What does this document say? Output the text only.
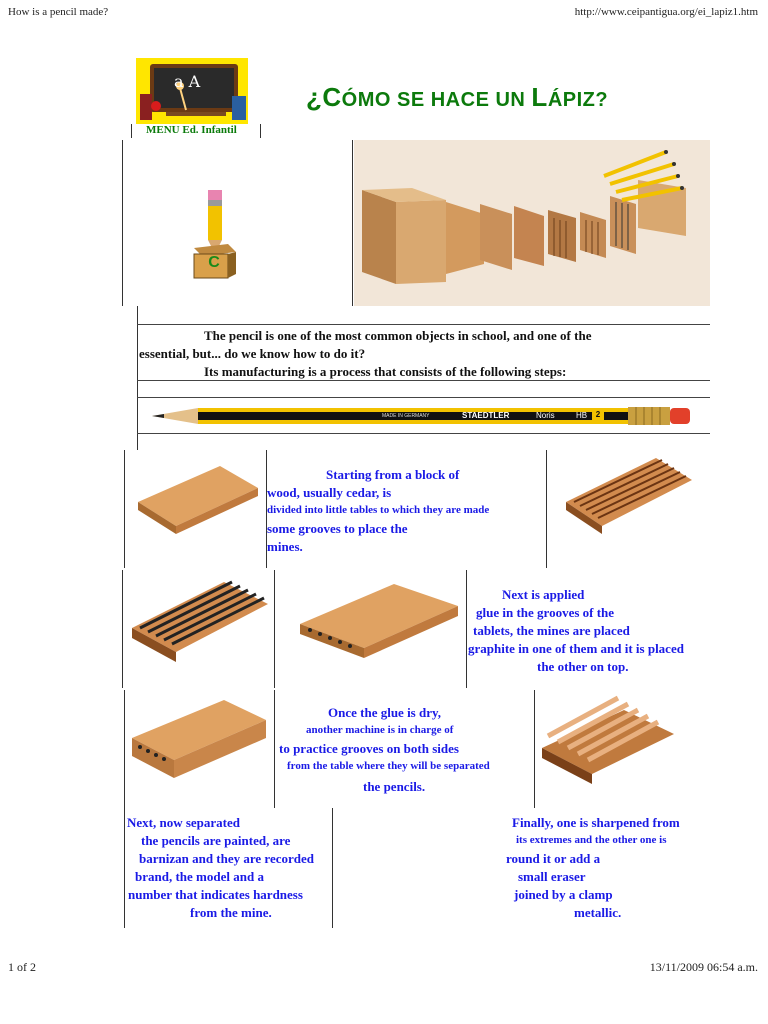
How is a pencil made?	http://www.ceipantigua.org/ei_lapiz1.htm
1 of 2	13/11/2009 06:54 a.m.
a A
MENU Ed. Infantil
¿CÓMO SE HACE UN LÁPIZ?
C
The pencil is one of the most common objects in school, and one of the
essential, but... do we know how to do it?
Its manufacturing is a process that consists of the following steps:
MADE IN GERMANY	STAEDTLER	Noris	HB	2
Starting from a block of
wood, usually cedar, is
divided into little tables to which they are made
some grooves to place the
mines.
Next is applied
glue in the grooves of the
tablets, the mines are placed
graphite in one of them and it is placed
the other on top.
Once the glue is dry,
another machine is in charge of
to practice grooves on both sides
from the table where they will be separated
the pencils.
Next, now separated
the pencils are painted, are
barnizan and they are recorded
brand, the model and a
number that indicates hardness
from the mine.
Finally, one is sharpened from
its extremes and the other one is
round it or add a
small eraser
joined by a clamp
metallic.
